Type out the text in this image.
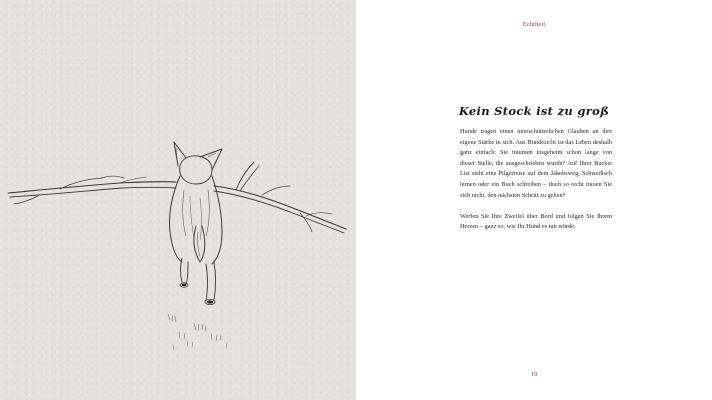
Echtheit
Kein Stock ist zu groß

Hunde tragen einen unerschütterlichen Glauben an ihre eigene Stärke in sich. Aus Hundesicht ist das Leben deshalb ganz einfach: Sie träumen insgeheim schon lange von dieser Stelle, die ausgeschrieben wurde? Auf Ihrer Bucket List steht eine Pilgerreise auf dem Jakobsweg, Schwedisch lernen oder ein Buch schreiben – doch so recht trauen Sie sich nicht, den nächsten Schritt zu gehen?

Werfen Sie Ihre Zweifel über Bord und folgen Sie Ihrem Herzen – ganz so, wie Ihr Hund es tun würde.

19
